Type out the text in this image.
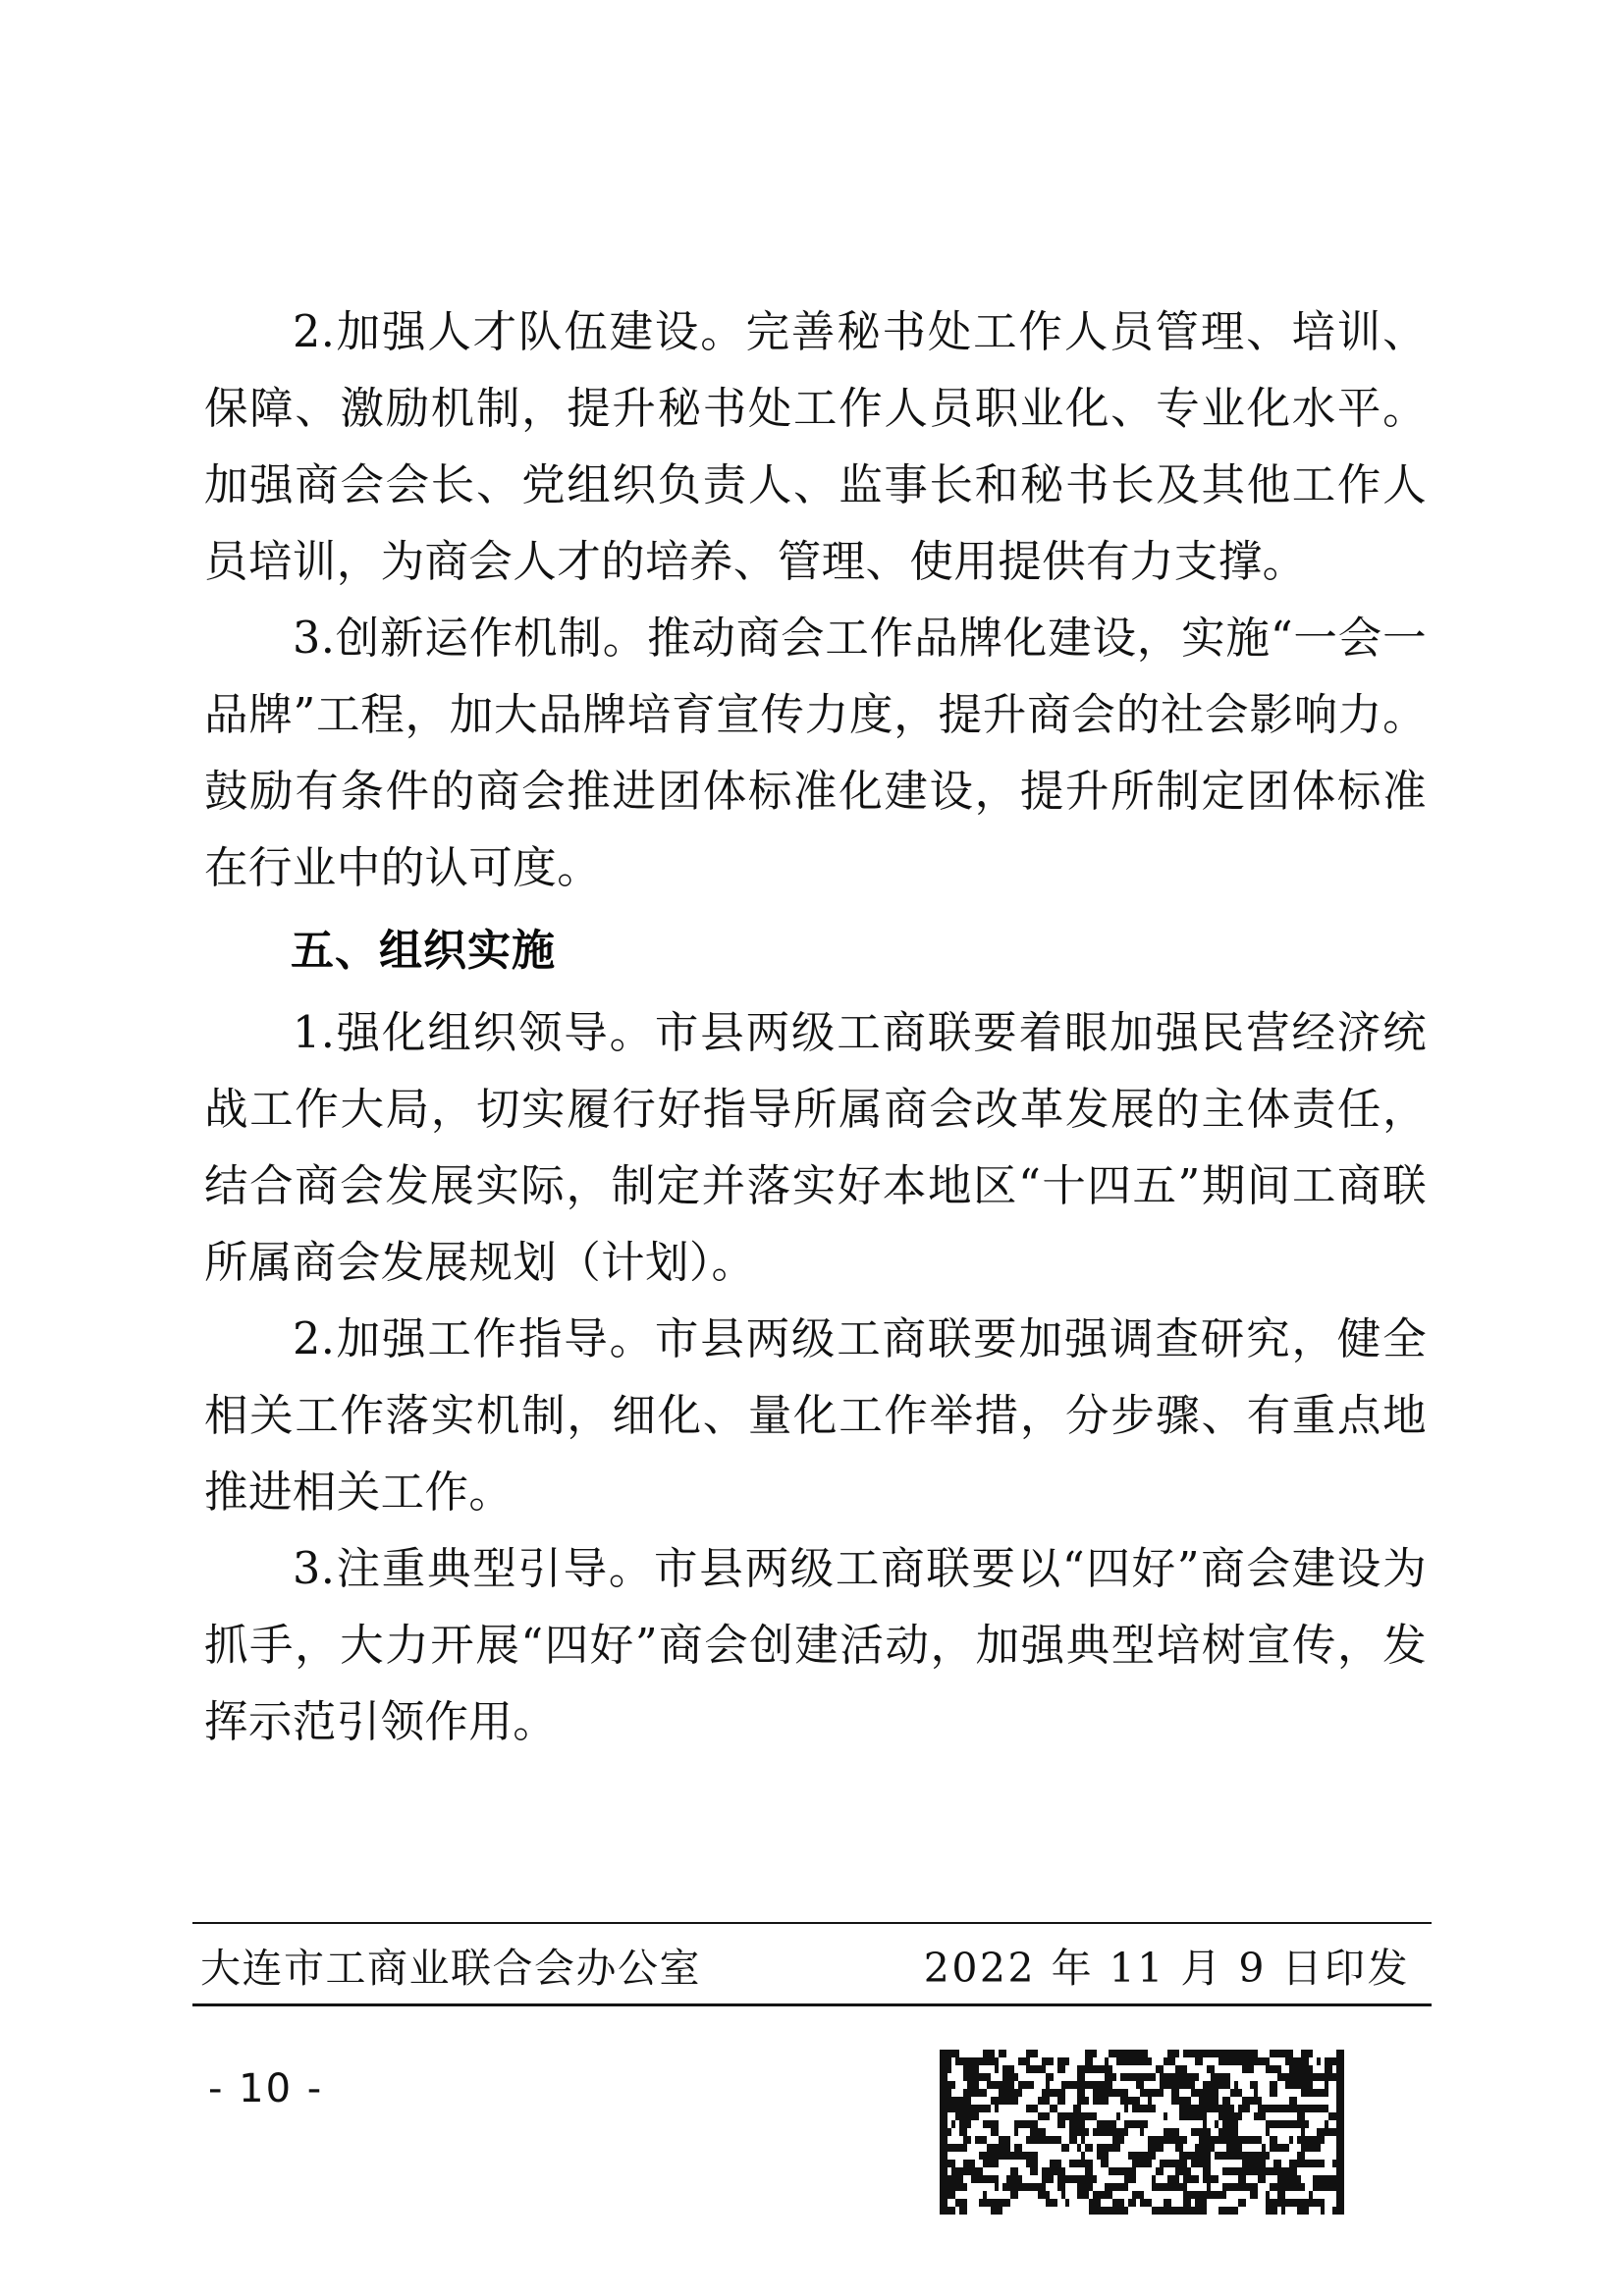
2.加强人才队伍建设。完善秘书处工作人员管理、培训、保障、激励机制，提升秘书处工作人员职业化、专业化水平。加强商会会长、党组织负责人、监事长和秘书长及其他工作人员培训，为商会人才的培养、管理、使用提供有力支撑。

3.创新运作机制。推动商会工作品牌化建设，实施“一会一品牌”工程，加大品牌培育宣传力度，提升商会的社会影响力。鼓励有条件的商会推进团体标准化建设，提升所制定团体标准在行业中的认可度。

五、组织实施

1.强化组织领导。市县两级工商联要着眼加强民营经济统战工作大局，切实履行好指导所属商会改革发展的主体责任，结合商会发展实际，制定并落实好本地区“十四五”期间工商联所属商会发展规划（计划）。

2.加强工作指导。市县两级工商联要加强调查研究，健全相关工作落实机制，细化、量化工作举措，分步骤、有重点地推进相关工作。

3.注重典型引导。市县两级工商联要以“四好”商会建设为抓手，大力开展“四好”商会创建活动，加强典型培树宣传，发挥示范引领作用。

大连市工商业联合会办公室	2022 年 11 月 9 日印发
- 10 -
